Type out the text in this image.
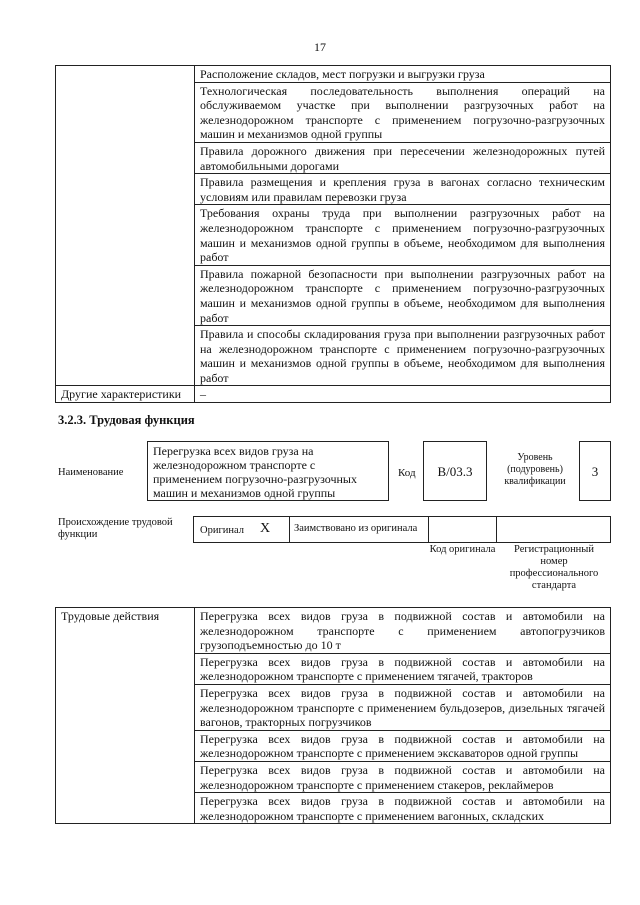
17
	Расположение складов, мест погрузки и выгрузки груза
	Технологическая последовательность выполнения операций на обслуживаемом участке при выполнении разгрузочных работ на железнодорожном транспорте с применением погрузочно-разгрузочных машин и механизмов одной группы
	Правила дорожного движения при пересечении железнодорожных путей автомобильными дорогами
	Правила размещения и крепления груза в вагонах согласно техническим условиям или правилам перевозки груза
	Требования охраны труда при выполнении разгрузочных работ на железнодорожном транспорте с применением погрузочно-разгрузочных машин и механизмов одной группы в объеме, необходимом для выполнения работ
	Правила пожарной безопасности при выполнении разгрузочных работ на железнодорожном транспорте с применением погрузочно-разгрузочных машин и механизмов одной группы в объеме, необходимом для выполнения работ
	Правила и способы складирования груза при выполнении разгрузочных работ на железнодорожном транспорте с применением погрузочно-разгрузочных машин и механизмов одной группы в объеме, необходимом для выполнения работ
Другие характеристики	–
3.2.3. Трудовая функция
Наименование
Перегрузка всех видов груза на железнодорожном транспорте с применением погрузочно-разгрузочных машин и механизмов одной группы
Код	В/03.3
Уровень (подуровень) квалификации
3
Происхождение трудовой функции	Оригинал X	Заимствовано из оригинала
Код оригинала	Регистрационный номер профессионального стандарта
Трудовые действия	Перегрузка всех видов груза в подвижной состав и автомобили на железнодорожном транспорте с применением автопогрузчиков грузоподъемностью до 10 т
Перегрузка всех видов груза в подвижной состав и автомобили на железнодорожном транспорте с применением тягачей, тракторов
Перегрузка всех видов груза в подвижной состав и автомобили на железнодорожном транспорте с применением бульдозеров, дизельных тягачей вагонов, тракторных погрузчиков
Перегрузка всех видов груза в подвижной состав и автомобили на железнодорожном транспорте с применением экскаваторов одной группы
Перегрузка всех видов груза в подвижной состав и автомобили на железнодорожном транспорте с применением стакеров, реклаймеров
Перегрузка всех видов груза в подвижной состав и автомобили на железнодорожном транспорте с применением вагонных, складских
